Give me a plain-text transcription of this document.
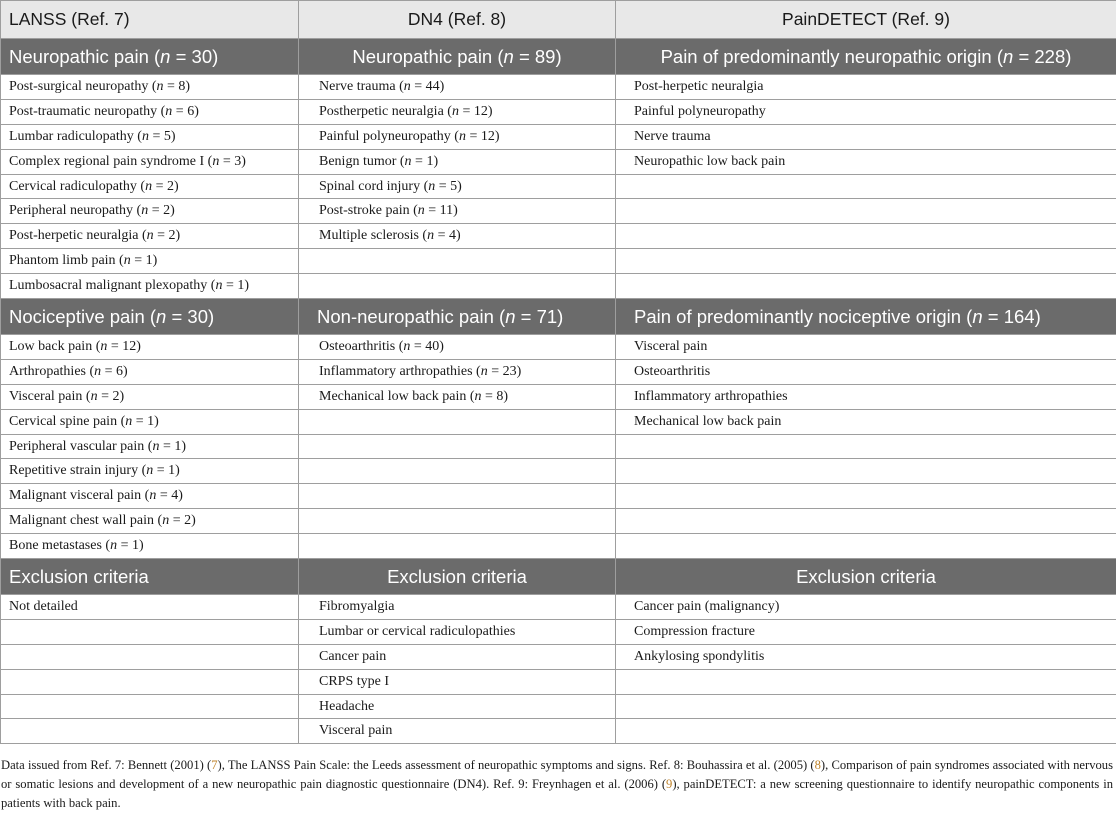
LANSS (Ref. 7)	DN4 (Ref. 8)	PainDETECT (Ref. 9)
Neuropathic pain (n = 30)	Neuropathic pain (n = 89)	Pain of predominantly neuropathic origin (n = 228)
Post-surgical neuropathy (n = 8)	Nerve trauma (n = 44)	Post-herpetic neuralgia
Post-traumatic neuropathy (n = 6)	Postherpetic neuralgia (n = 12)	Painful polyneuropathy
Lumbar radiculopathy (n = 5)	Painful polyneuropathy (n = 12)	Nerve trauma
Complex regional pain syndrome I (n = 3)	Benign tumor (n = 1)	Neuropathic low back pain
Cervical radiculopathy (n = 2)	Spinal cord injury (n = 5)	
Peripheral neuropathy (n = 2)	Post-stroke pain (n = 11)	
Post-herpetic neuralgia (n = 2)	Multiple sclerosis (n = 4)	
Phantom limb pain (n = 1)		
Lumbosacral malignant plexopathy (n = 1)		
Nociceptive pain (n = 30)	Non-neuropathic pain (n = 71)	Pain of predominantly nociceptive origin (n = 164)
Low back pain (n = 12)	Osteoarthritis (n = 40)	Visceral pain
Arthropathies (n = 6)	Inflammatory arthropathies (n = 23)	Osteoarthritis
Visceral pain (n = 2)	Mechanical low back pain (n = 8)	Inflammatory arthropathies
Cervical spine pain (n = 1)		Mechanical low back pain
Peripheral vascular pain (n = 1)		
Repetitive strain injury (n = 1)		
Malignant visceral pain (n = 4)		
Malignant chest wall pain (n = 2)		
Bone metastases (n = 1)		
Exclusion criteria	Exclusion criteria	Exclusion criteria
Not detailed	Fibromyalgia	Cancer pain (malignancy)
	Lumbar or cervical radiculopathies	Compression fracture
	Cancer pain	Ankylosing spondylitis
	CRPS type I	
	Headache	
	Visceral pain	
Data issued from Ref. 7: Bennett (2001) (7), The LANSS Pain Scale: the Leeds assessment of neuropathic symptoms and signs. Ref. 8: Bouhassira et al. (2005) (8), Comparison of pain syndromes associated with nervous or somatic lesions and development of a new neuropathic pain diagnostic questionnaire (DN4). Ref. 9: Freynhagen et al. (2006) (9), painDETECT: a new screening questionnaire to identify neuropathic components in patients with back pain.
